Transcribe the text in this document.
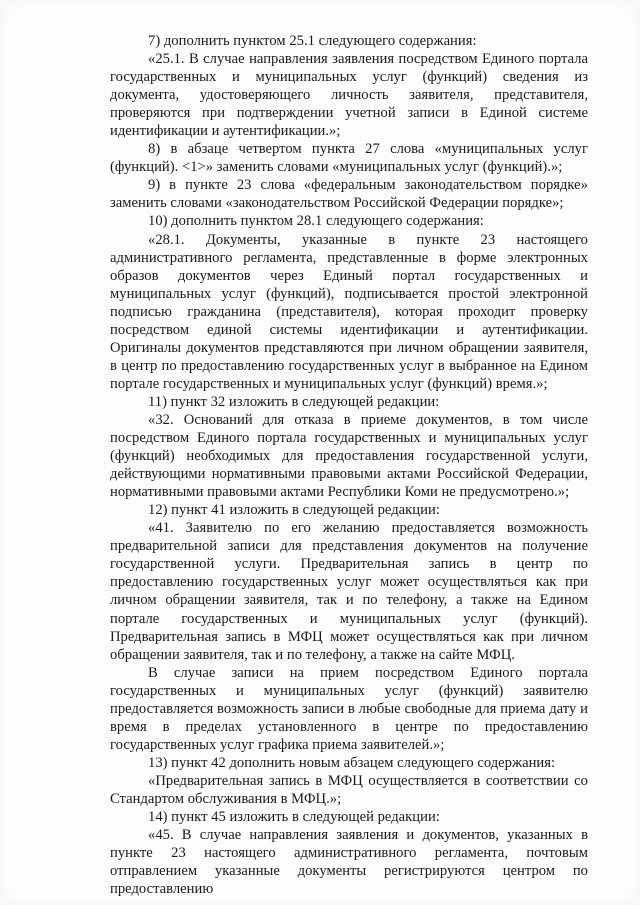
7) дополнить пунктом 25.1 следующего содержания:

«25.1. В случае направления заявления посредством Единого портала государственных и муниципальных услуг (функций) сведения из документа, удостоверяющего личность заявителя, представителя, проверяются при подтверждении учетной записи в Единой системе идентификации и аутентификации.»;

8) в абзаце четвертом пункта 27 слова «муниципальных услуг (функций). <1>» заменить словами «муниципальных услуг (функций).»;

9) в пункте 23 слова «федеральным законодательством порядке» заменить словами «законодательством Российской Федерации порядке»;

10) дополнить пунктом 28.1 следующего содержания:

«28.1. Документы, указанные в пункте 23 настоящего административного регламента, представленные в форме электронных образов документов через Единый портал государственных и муниципальных услуг (функций), подписывается простой электронной подписью гражданина (представителя), которая проходит проверку посредством единой системы идентификации и аутентификации. Оригиналы документов представляются при личном обращении заявителя, в центр по предоставлению государственных услуг в выбранное на Едином портале государственных и муниципальных услуг (функций) время.»;

11) пункт 32 изложить в следующей редакции:

«32. Оснований для отказа в приеме документов, в том числе посредством Единого портала государственных и муниципальных услуг (функций) необходимых для предоставления государственной услуги, действующими нормативными правовыми актами Российской Федерации, нормативными правовыми актами Республики Коми не предусмотрено.»;

12) пункт 41 изложить в следующей редакции:

«41. Заявителю по его желанию предоставляется возможность предварительной записи для представления документов на получение государственной услуги. Предварительная запись в центр по предоставлению государственных услуг может осуществляться как при личном обращении заявителя, так и по телефону, а также на Едином портале государственных и муниципальных услуг (функций). Предварительная запись в МФЦ может осуществляться как при личном обращении заявителя, так и по телефону, а также на сайте МФЦ.

В случае записи на прием посредством Единого портала государственных и муниципальных услуг (функций) заявителю предоставляется возможность записи в любые свободные для приема дату и время в пределах установленного в центре по предоставлению государственных услуг графика приема заявителей.»;

13) пункт 42 дополнить новым абзацем следующего содержания:

«Предварительная запись в МФЦ осуществляется в соответствии со Стандартом обслуживания в МФЦ.»;

14) пункт 45 изложить в следующей редакции:

«45. В случае направления заявления и документов, указанных в пункте 23 настоящего административного регламента, почтовым отправлением указанные документы регистрируются центром по предоставлению
